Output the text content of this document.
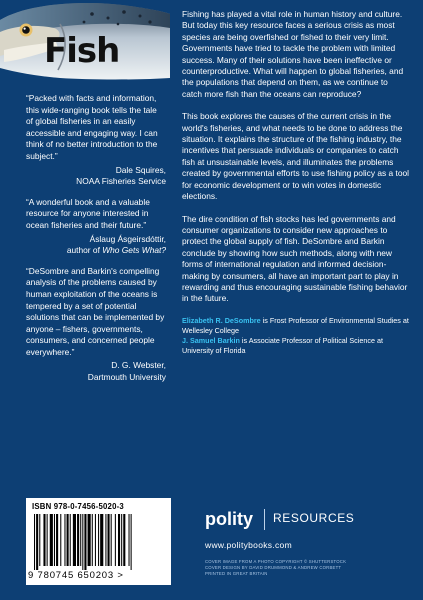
Fish
“Packed with facts and information, this wide-ranging book tells the tale of global fisheries in an easily accessible and engaging way. I can think of no better introduction to the subject.”
Dale Squires,
NOAA Fisheries Service
“A wonderful book and a valuable resource for anyone interested in ocean fisheries and their future.”
Áslaug Ásgeirsdóttir,
author of Who Gets What?
“DeSombre and Barkin's compelling analysis of the problems caused by human exploitation of the oceans is tempered by a set of potential solutions that can be implemented by anyone – fishers, governments, consumers, and concerned people everywhere.”
D. G. Webster,
Dartmouth University

Fishing has played a vital role in human history and culture. But today this key resource faces a serious crisis as most species are being overfished or fished to their very limit. Governments have tried to tackle the problem with limited success. Many of their solutions have been ineffective or counterproductive. What will happen to global fisheries, and the populations that depend on them, as we continue to catch more fish than the oceans can reproduce?

This book explores the causes of the current crisis in the world's fisheries, and what needs to be done to address the situation. It explains the structure of the fishing industry, the incentives that persuade individuals or companies to catch fish at unsustainable levels, and illuminates the problems created by governmental efforts to use fishing policy as a tool for economic development or to win votes in domestic elections.

The dire condition of fish stocks has led governments and consumer organizations to consider new approaches to protect the global supply of fish. DeSombre and Barkin conclude by showing how such methods, along with new forms of international regulation and informed decision-making by consumers, all have an important part to play in rewarding and thus encouraging sustainable fishing behavior in the future.

Elizabeth R. DeSombre is Frost Professor of Environmental Studies at Wellesley College

J. Samuel Barkin is Associate Professor of Political Science at University of Florida

ISBN 978-0-7456-5020-3
9 780745 650203 >
polity RESOURCES
www.politybooks.com
COVER IMAGE FROM A PHOTO COPYRIGHT © SHUTTERSTOCK
COVER DESIGN BY DAVID DRUMMOND & ANDREW CORBETT
PRINTED IN GREAT BRITAIN
